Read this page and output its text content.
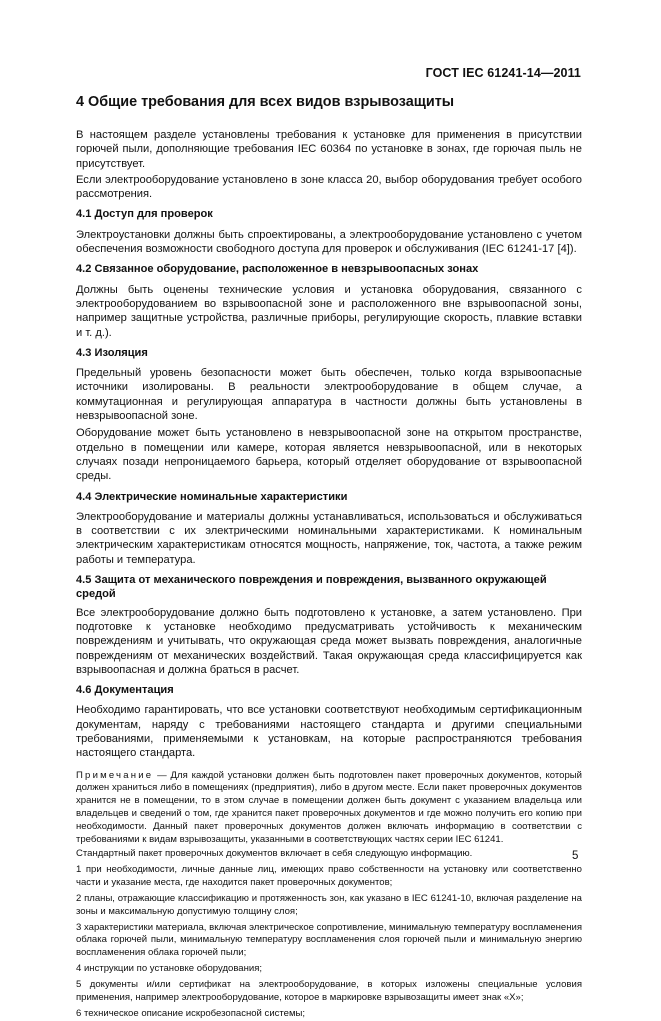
ГОСТ IEC 61241-14—2011
4 Общие требования для всех видов взрывозащиты

В настоящем разделе установлены требования к установке для применения в присутствии горючей пыли, дополняющие требования IEC 60364 по установке в зонах, где горючая пыль не присутствует.

Если электрооборудование установлено в зоне класса 20, выбор оборудования требует особого рассмотрения.

4.1 Доступ для проверок

Электроустановки должны быть спроектированы, а электрооборудование установлено с учетом обеспечения возможности свободного доступа для проверок и обслуживания (IEC 61241-17 [4]).

4.2 Связанное оборудование, расположенное в невзрывоопасных зонах

Должны быть оценены технические условия и установка оборудования, связанного с электрооборудованием во взрывоопасной зоне и расположенного вне взрывоопасной зоны, например защитные устройства, различные приборы, регулирующие скорость, плавкие вставки и т. д.).

4.3 Изоляция

Предельный уровень безопасности может быть обеспечен, только когда взрывоопасные источники изолированы. В реальности электрооборудование в общем случае, а коммутационная и регулирующая аппаратура в частности должны быть установлены в невзрывоопасной зоне.

Оборудование может быть установлено в невзрывоопасной зоне на открытом пространстве, отдельно в помещении или камере, которая является невзрывоопасной, или в некоторых случаях позади непроницаемого барьера, который отделяет оборудование от взрывоопасной среды.

4.4 Электрические номинальные характеристики

Электрооборудование и материалы должны устанавливаться, использоваться и обслуживаться в соответствии с их электрическими номинальными характеристиками. К номинальным электрическим характеристикам относятся мощность, напряжение, ток, частота, а также режим работы и температура.

4.5 Защита от механического повреждения и повреждения, вызванного окружающей средой

Все электрооборудование должно быть подготовлено к установке, а затем установлено. При подготовке к установке необходимо предусматривать устойчивость к механическим повреждениям и учитывать, что окружающая среда может вызвать повреждения, аналогичные повреждениям от механических воздействий. Такая окружающая среда классифицируется как взрывоопасная и должна браться в расчет.

4.6 Документация

Необходимо гарантировать, что все установки соответствуют необходимым сертификационным документам, наряду с требованиями настоящего стандарта и другими специальными требованиями, применяемыми к установкам, на которые распространяются требования настоящего стандарта.

Примечание — Для каждой установки должен быть подготовлен пакет проверочных документов, который должен храниться либо в помещениях (предприятия), либо в другом месте. Если пакет проверочных документов хранится не в помещении, то в этом случае в помещении должен быть документ с указанием владельца или владельцев и сведений о том, где хранится пакет проверочных документов и где можно получить его копию при необходимости. Данный пакет проверочных документов должен включать информацию в соответствии с требованиями к видам взрывозащиты, указанными в соответствующих частях серии IEC 61241.

Стандартный пакет проверочных документов включает в себя следующую информацию.

1 при необходимости, личные данные лиц, имеющих право собственности на установку или соответственно части и указание места, где находится пакет проверочных документов;

2 планы, отражающие классификацию и протяженность зон, как указано в IEC 61241-10, включая разделение на зоны и максимальную допустимую толщину слоя;

3 характеристики материала, включая электрическое сопротивление, минимальную температуру воспламенения облака горючей пыли, минимальную температуру воспламенения слоя горючей пыли и минимальную энергию воспламенения облака горючей пыли;

4 инструкции по установке оборудования;

5 документы и/или сертификат на электрооборудование, в которых изложены специальные условия применения, например электрооборудование, которое в маркировке взрывозащиты имеет знак «X»;

6 техническое описание искробезопасной системы;

5
